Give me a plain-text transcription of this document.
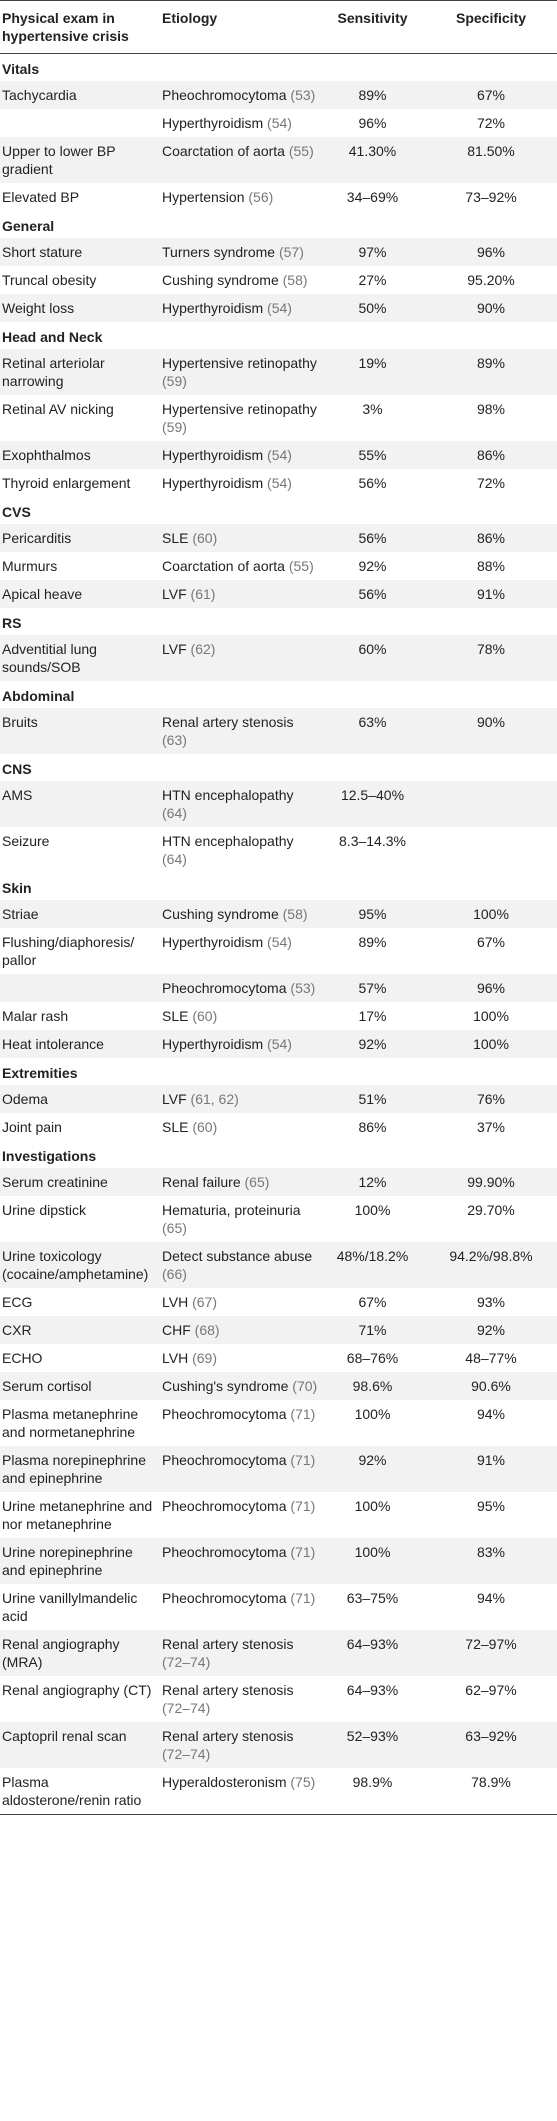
Physical exam in hypertensive crisis	Etiology	Sensitivity	Specificity
Vitals			
Tachycardia	Pheochromocytoma (53)	89%	67%
	Hyperthyroidism (54)	96%	72%
Upper to lower BP gradient	Coarctation of aorta (55)	41.30%	81.50%
Elevated BP	Hypertension (56)	34–69%	73–92%
General			
Short stature	Turners syndrome (57)	97%	96%
Truncal obesity	Cushing syndrome (58)	27%	95.20%
Weight loss	Hyperthyroidism (54)	50%	90%
Head and Neck			
Retinal arteriolar narrowing	Hypertensive retinopathy (59)	19%	89%
Retinal AV nicking	Hypertensive retinopathy (59)	3%	98%
Exophthalmos	Hyperthyroidism (54)	55%	86%
Thyroid enlargement	Hyperthyroidism (54)	56%	72%
CVS			
Pericarditis	SLE (60)	56%	86%
Murmurs	Coarctation of aorta (55)	92%	88%
Apical heave	LVF (61)	56%	91%
RS			
Adventitial lung sounds/SOB	LVF (62)	60%	78%
Abdominal			
Bruits	Renal artery stenosis (63)	63%	90%
CNS			
AMS	HTN encephalopathy (64)	12.5–40%	
Seizure	HTN encephalopathy (64)	8.3–14.3%	
Skin			
Striae	Cushing syndrome (58)	95%	100%
Flushing/diaphoresis/ pallor	Hyperthyroidism (54)	89%	67%
	Pheochromocytoma (53)	57%	96%
Malar rash	SLE (60)	17%	100%
Heat intolerance	Hyperthyroidism (54)	92%	100%
Extremities			
Odema	LVF (61, 62)	51%	76%
Joint pain	SLE (60)	86%	37%
Investigations			
Serum creatinine	Renal failure (65)	12%	99.90%
Urine dipstick	Hematuria, proteinuria (65)	100%	29.70%
Urine toxicology (cocaine/amphetamine)	Detect substance abuse (66)	48%/18.2%	94.2%/98.8%
ECG	LVH (67)	67%	93%
CXR	CHF (68)	71%	92%
ECHO	LVH (69)	68–76%	48–77%
Serum cortisol	Cushing's syndrome (70)	98.6%	90.6%
Plasma metanephrine and normetanephrine	Pheochromocytoma (71)	100%	94%
Plasma norepinephrine and epinephrine	Pheochromocytoma (71)	92%	91%
Urine metanephrine and nor metanephrine	Pheochromocytoma (71)	100%	95%
Urine norepinephrine and epinephrine	Pheochromocytoma (71)	100%	83%
Urine vanillylmandelic acid	Pheochromocytoma (71)	63–75%	94%
Renal angiography (MRA)	Renal artery stenosis (72–74)	64–93%	72–97%
Renal angiography (CT)	Renal artery stenosis (72–74)	64–93%	62–97%
Captopril renal scan	Renal artery stenosis (72–74)	52–93%	63–92%
Plasma aldosterone/renin ratio	Hyperaldosteronism (75)	98.9%	78.9%
